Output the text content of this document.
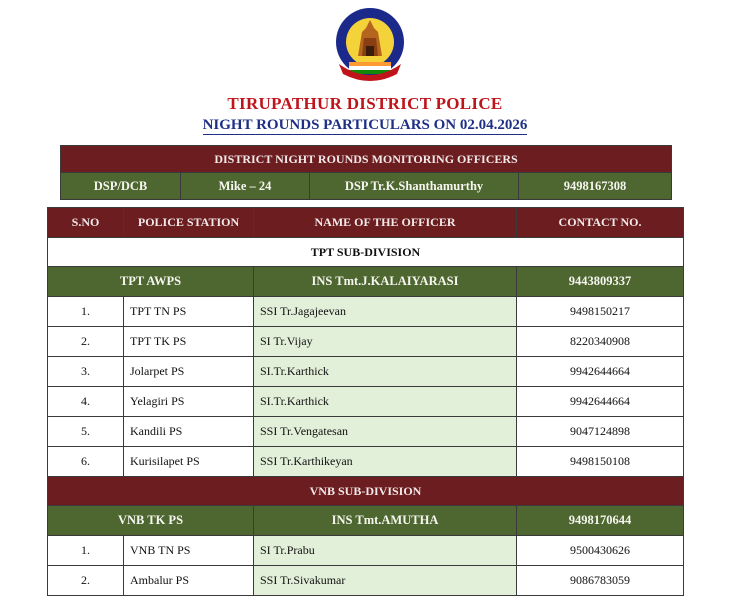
TIRUPATHUR DISTRICT POLICE
NIGHT ROUNDS PARTICULARS ON 02.04.2026
DISTRICT NIGHT ROUNDS MONITORING OFFICERS
DSP/DCB	Mike – 24	DSP Tr.K.Shanthamurthy	9498167308
S.NO	POLICE STATION	NAME OF THE OFFICER	CONTACT NO.
TPT SUB-DIVISION			
TPT AWPS		INS Tmt.J.KALAIYARASI	9443809337
1.	TPT TN PS	SSI Tr.Jagajeevan	9498150217
2.	TPT TK PS	SI Tr.Vijay	8220340908
3.	Jolarpet PS	SI.Tr.Karthick	9942644664
4.	Yelagiri PS	SI.Tr.Karthick	9942644664
5.	Kandili PS	SSI Tr.Vengatesan	9047124898
6.	Kurisilapet PS	SSI Tr.Karthikeyan	9498150108
VNB SUB-DIVISION			
VNB TK PS		INS Tmt.AMUTHA	9498170644
1.	VNB TN PS	SI Tr.Prabu	9500430626
2.	Ambalur PS	SSI Tr.Sivakumar	9086783059
